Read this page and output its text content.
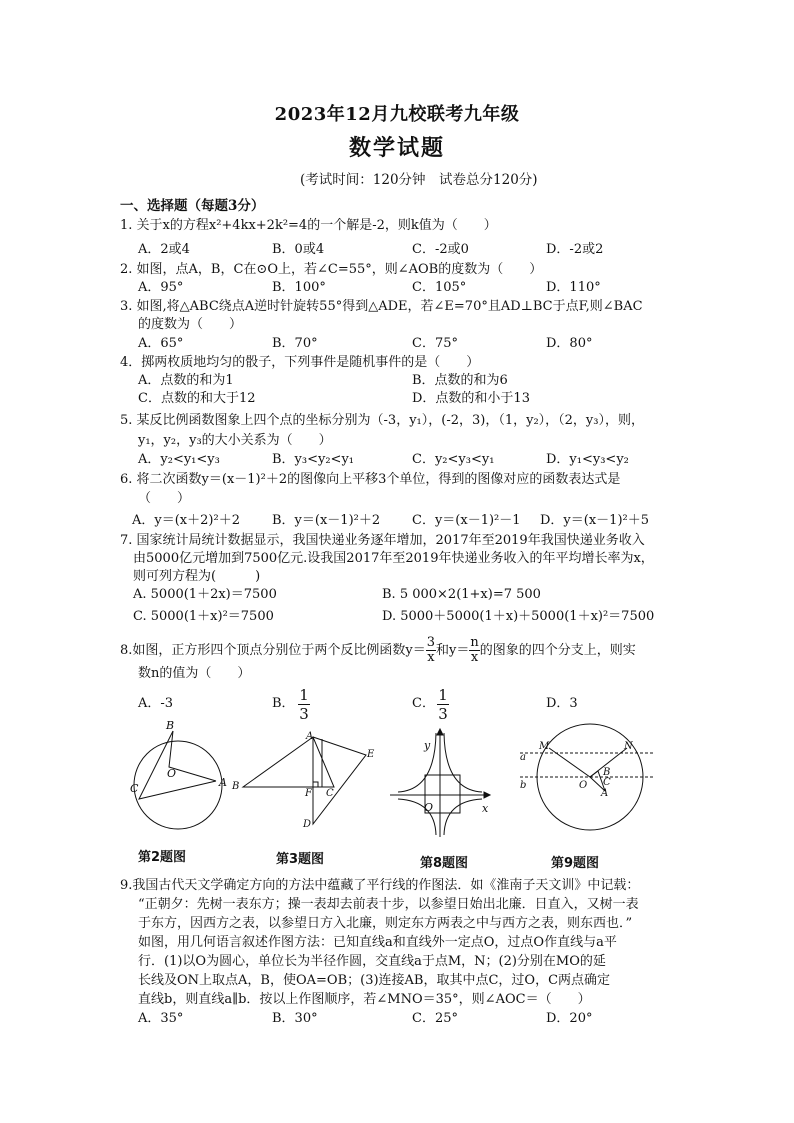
2023年12月九校联考九年级
数学试题
(考试时间：120分钟　试卷总分120分)
一、选择题（每题3分）
1. 关于x的方程x²+4kx+2k²=4的一个解是-2，则k值为（　　）
A．2或4	B．0或4	C．-2或0	D．-2或2
2. 如图，点A，B，C在⊙O上，若∠C=55°，则∠AOB的度数为（　　）
A．95°	B．100°	C．105°	D．110°
3. 如图,将△ABC绕点A逆时针旋转55°得到△ADE，若∠E=70°且AD⊥BC于点F,则∠BAC
的度数为（　　）
A．65°	B．70°	C．75°	D．80°
4．掷两枚质地均匀的骰子，下列事件是随机事件的是（　　）
A．点数的和为1	B．点数的和为6
C．点数的和大于12	D．点数的和小于13
5. 某反比例函数图象上四个点的坐标分别为（-3，y₁），(-2，3)，（1，y₂），（2，y₃），则，
y₁，y₂，y₃的大小关系为（　　）
A．y₂<y₁<y₃	B．y₃<y₂<y₁	C．y₂<y₃<y₁	D．y₁<y₃<y₂
6. 将二次函数y＝(x－1)²＋2的图像向上平移3个单位，得到的图像对应的函数表达式是
（　　）
A．y＝(x＋2)²＋2 B．y＝(x－1)²＋2 C．y＝(x－1)²－1 D．y＝(x－1)²＋5
7. 国家统计局统计数据显示，我国快递业务逐年增加，2017年至2019年我国快递业务收入
由5000亿元增加到7500亿元.设我国2017年至2019年快递业务收入的年平均增长率为x，
则可列方程为(　　　)
A. 5000(1＋2x)＝7500	B. 5 000×2(1+x)=7 500
C. 5000(1＋x)²＝7500	D. 5000＋5000(1＋x)＋5000(1＋x)²＝7500
8.如图，正方形四个顶点分别位于两个反比例函数$y= \frac{3}{x}$ 和$y= \frac{n}{x}$ 的图象的四个分支上，则实
数n的值为（　　）
A．-3	B． $\frac{1}{3}$	C． $\frac{1}{3}$	D．3
B
O
A
C
A
E
B
F C
D
y
x
O
M	N
a
b	O
B
C
A
第2题图	第3题图	第8题图	第9题图
9.我国古代天文学确定方向的方法中蕴藏了平行线的作图法．如《淮南子天文训》中记载：
“正朝夕：先树一表东方；操一表却去前表十步，以参望日始出北廉．日直入，又树一表
于东方，因西方之表，以参望日方入北廉，则定东方两表之中与西方之表，则东西也．”
如图，用几何语言叙述作图方法：已知直线a和直线外一定点O，过点O作直线与a平
行．(1)以O为圆心，单位长为半径作圆，交直线a于点M，N；(2)分别在MO的延
长线及ON上取点A，B，使OA=OB；(3)连接AB，取其中点C，过O，C两点确定
直线b，则直线a∥b．按以上作图顺序，若∠MNO＝35°，则∠AOC＝（　　）
A．35°	B．30°	C．25°	D．20°
